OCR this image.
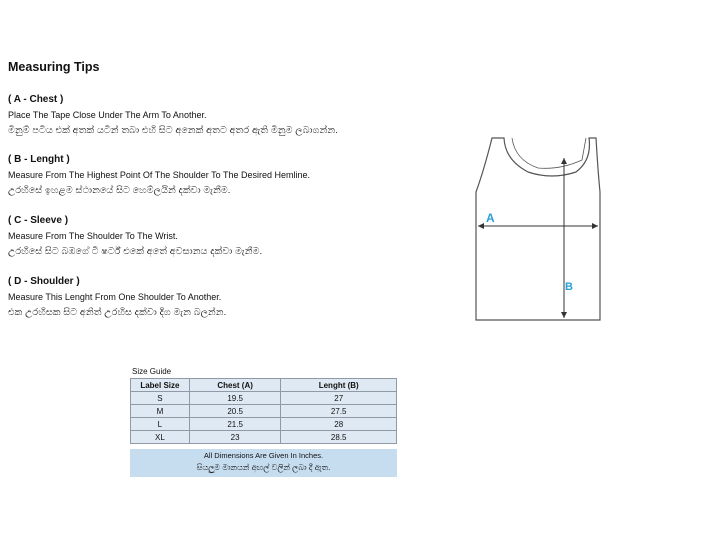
Measuring Tips
( A - Chest )
Place The Tape Close Under The Arm To Another.
මිනුම් පටිය එක් අතක් යටින් තබා එහි සිට අනෙක් අතට අතර ඇති මිනුම ලබාගන්න.
( B - Lenght )
Measure From The Highest Point Of The Shoulder To The Desired Hemline.
උරහිසේ ඉහළම ස්ථානයේ සිට හෙම්ලයින් දක්වා මැනීම.
( C - Sleeve )
Measure From The Shoulder To The Wrist.
උරහිසේ සිට බඹගේ ටී ෂර්ට් එකේ අතේ අවසානය දක්වා මැනීම.
( D - Shoulder )
Measure This Lenght From One Shoulder To Another.
එක උරහිසක සිට අනිත් උරහිස දක්වා දිග මැන බලන්න.
A
B
Size Guide
Label Size	Chest (A)	Lenght (B)
S	19.5	27
M	20.5	27.5
L	21.5	28
XL	23	28.5
All Dimensions Are Given In Inches.
සියලුම මානයන් අඟල් වලින් ලබා දී ඇත.
